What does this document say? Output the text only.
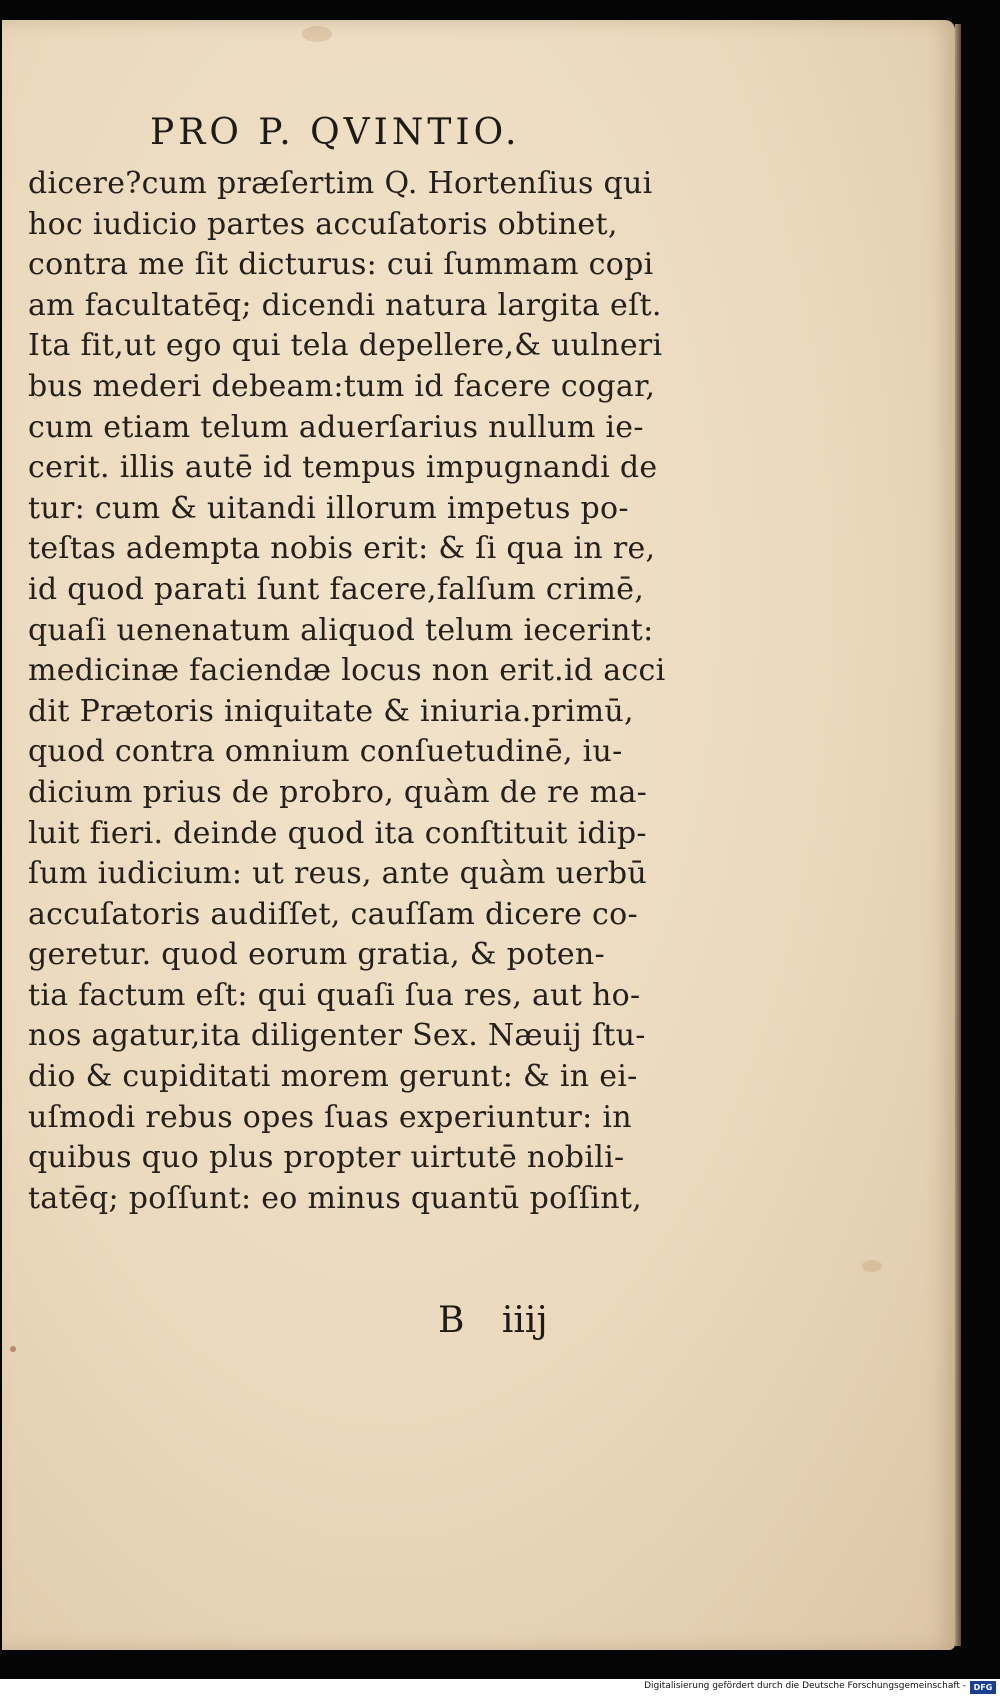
PRO P. QVINTIO.
dicere?cum præſertim Q. Hortenſius qui
hoc iudicio partes accuſatoris obtinet,
contra me ſit dicturus: cui ſummam copi
am facultatēq; dicendi natura largita eſt.
Ita fit,ut ego qui tela depellere,& uulneri
bus mederi debeam:tum id facere cogar,
cum etiam telum aduerſarius nullum ie-
cerit. illis autē id tempus impugnandi de
tur: cum & uitandi illorum impetus po-
teſtas adempta nobis erit: & ſi qua in re,
id quod parati ſunt facere,falſum crimē,
quaſi uenenatum aliquod telum iecerint:
medicinæ faciendæ locus non erit.id acci
dit Prætoris iniquitate & iniuria.primū,
quod contra omnium conſuetudinē, iu-
dicium prius de probro, quàm de re ma-
luit fieri. deinde quod ita conſtituit idip-
ſum iudicium: ut reus, ante quàm uerbū
accuſatoris audiſſet, cauſſam dicere co-
geretur. quod eorum gratia, & poten-
tia factum eſt: qui quaſi ſua res, aut ho-
nos agatur,ita diligenter Sex. Næuij ſtu-
dio & cupiditati morem gerunt: & in ei-
uſmodi rebus opes ſuas experiuntur: in
quibus quo plus propter uirtutē nobili-
tatēq; poſſunt: eo minus quantū poſſint,
B iiij
Digitalisierung gefördert durch die Deutsche Forschungsgemeinschaft - DFG
